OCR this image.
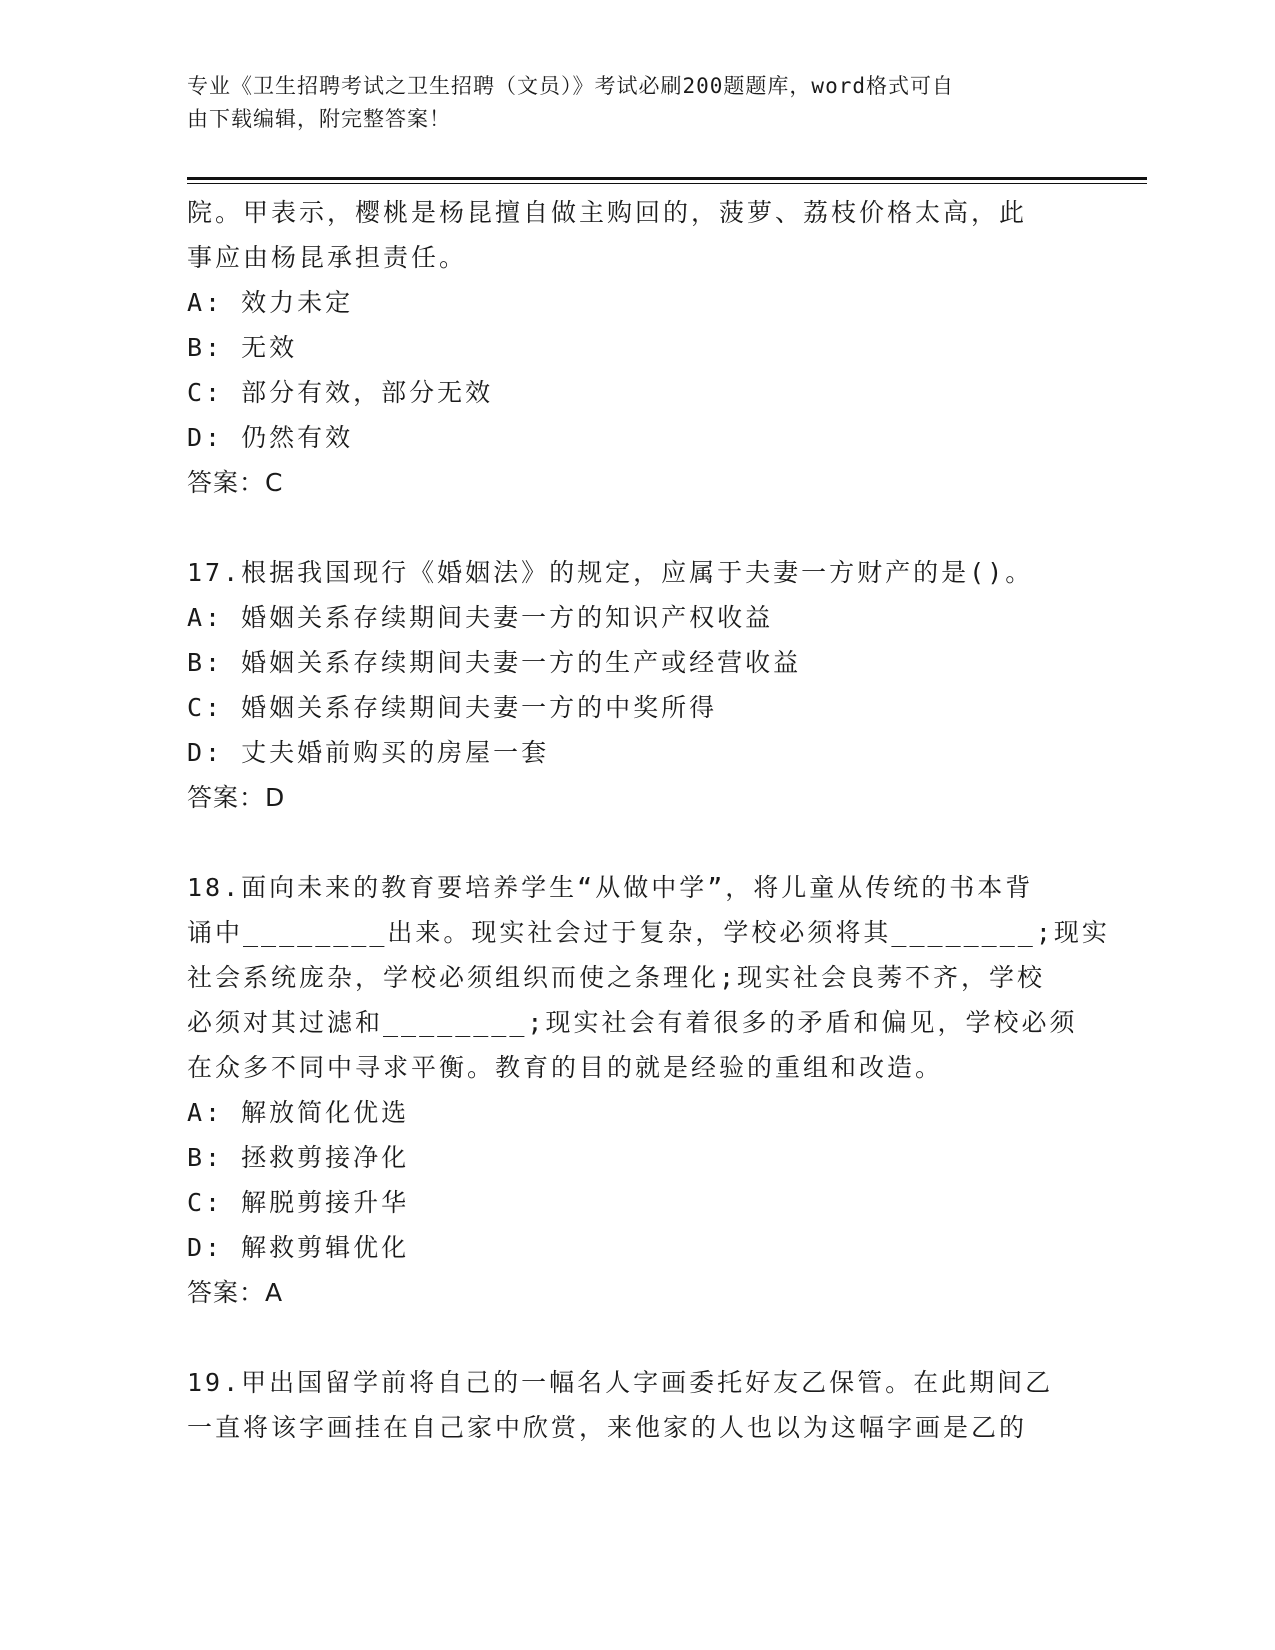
专业《卫生招聘考试之卫生招聘（文员）》考试必刷200题题库，word格式可自
由下载编辑，附完整答案！
院。甲表示，樱桃是杨昆擅自做主购回的，菠萝、荔枝价格太高，此
事应由杨昆承担责任。
A: 效力未定
B: 无效
C: 部分有效，部分无效
D: 仍然有效
答案：C
17.根据我国现行《婚姻法》的规定，应属于夫妻一方财产的是()。
A: 婚姻关系存续期间夫妻一方的知识产权收益
B: 婚姻关系存续期间夫妻一方的生产或经营收益
C: 婚姻关系存续期间夫妻一方的中奖所得
D: 丈夫婚前购买的房屋一套
答案：D
18.面向未来的教育要培养学生“从做中学”，将儿童从传统的书本背
诵中________出来。现实社会过于复杂，学校必须将其________;现实
社会系统庞杂，学校必须组织而使之条理化;现实社会良莠不齐，学校
必须对其过滤和________;现实社会有着很多的矛盾和偏见，学校必须
在众多不同中寻求平衡。教育的目的就是经验的重组和改造。
A: 解放简化优选
B: 拯救剪接净化
C: 解脱剪接升华
D: 解救剪辑优化
答案：A
19.甲出国留学前将自己的一幅名人字画委托好友乙保管。在此期间乙
一直将该字画挂在自己家中欣赏，来他家的人也以为这幅字画是乙的
